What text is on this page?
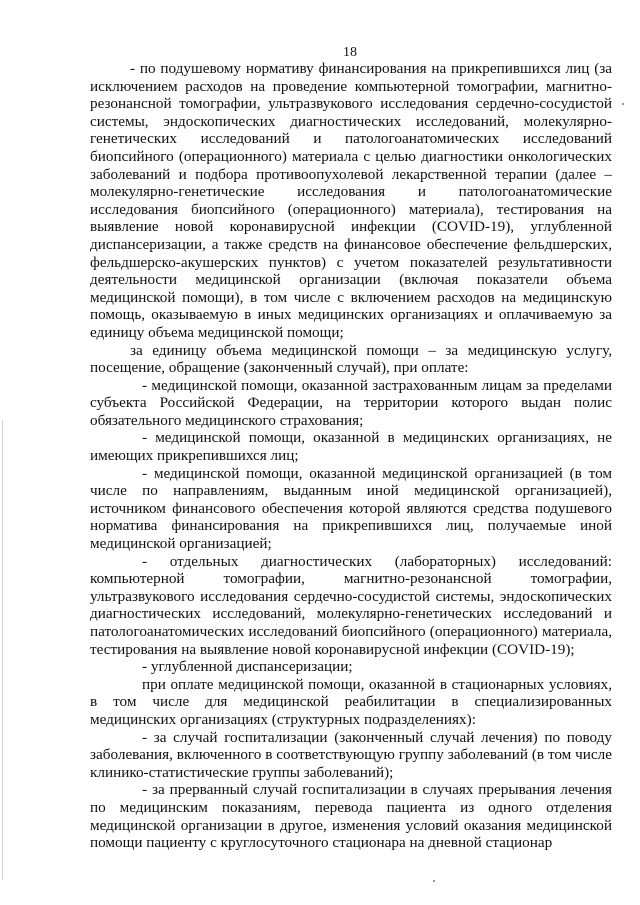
18

- по подушевому нормативу финансирования на прикрепившихся лиц (за исключением расходов на проведение компьютерной томографии, магнитно-резонансной томографии, ультразвукового исследования сердечно-сосудистой системы, эндоскопических диагностических исследований, молекулярно-генетических исследований и патологоанатомических исследований биопсийного (операционного) материала с целью диагностики онкологических заболеваний и подбора противоопухолевой лекарственной терапии (далее – молекулярно-генетические исследования и патологоанатомические исследования биопсийного (операционного) материала), тестирования на выявление новой коронавирусной инфекции (COVID-19), углубленной диспансеризации, а также средств на финансовое обеспечение фельдшерских, фельдшерско-акушерских пунктов) с учетом показателей результативности деятельности медицинской организации (включая показатели объема медицинской помощи), в том числе с включением расходов на медицинскую помощь, оказываемую в иных медицинских организациях и оплачиваемую за единицу объема медицинской помощи;

за единицу объема медицинской помощи – за медицинскую услугу, посещение, обращение (законченный случай), при оплате:

- медицинской помощи, оказанной застрахованным лицам за пределами субъекта Российской Федерации, на территории которого выдан полис обязательного медицинского страхования;

- медицинской помощи, оказанной в медицинских организациях, не имеющих прикрепившихся лиц;

- медицинской помощи, оказанной медицинской организацией (в том числе по направлениям, выданным иной медицинской организацией), источником финансового обеспечения которой являются средства подушевого норматива финансирования на прикрепившихся лиц, получаемые иной медицинской организацией;

- отдельных диагностических (лабораторных) исследований: компьютерной томографии, магнитно-резонансной томографии, ультразвукового исследования сердечно-сосудистой системы, эндоскопических диагностических исследований, молекулярно-генетических исследований и патологоанатомических исследований биопсийного (операционного) материала, тестирования на выявление новой коронавирусной инфекции (COVID-19);

- углубленной диспансеризации;

при оплате медицинской помощи, оказанной в стационарных условиях, в том числе для медицинской реабилитации в специализированных медицинских организациях (структурных подразделениях):

- за случай госпитализации (законченный случай лечения) по поводу заболевания, включенного в соответствующую группу заболеваний (в том числе клинико-статистические группы заболеваний);

- за прерванный случай госпитализации в случаях прерывания лечения по медицинским показаниям, перевода пациента из одного отделения медицинской организации в другое, изменения условий оказания медицинской помощи пациенту с круглосуточного стационара на дневной стационар
